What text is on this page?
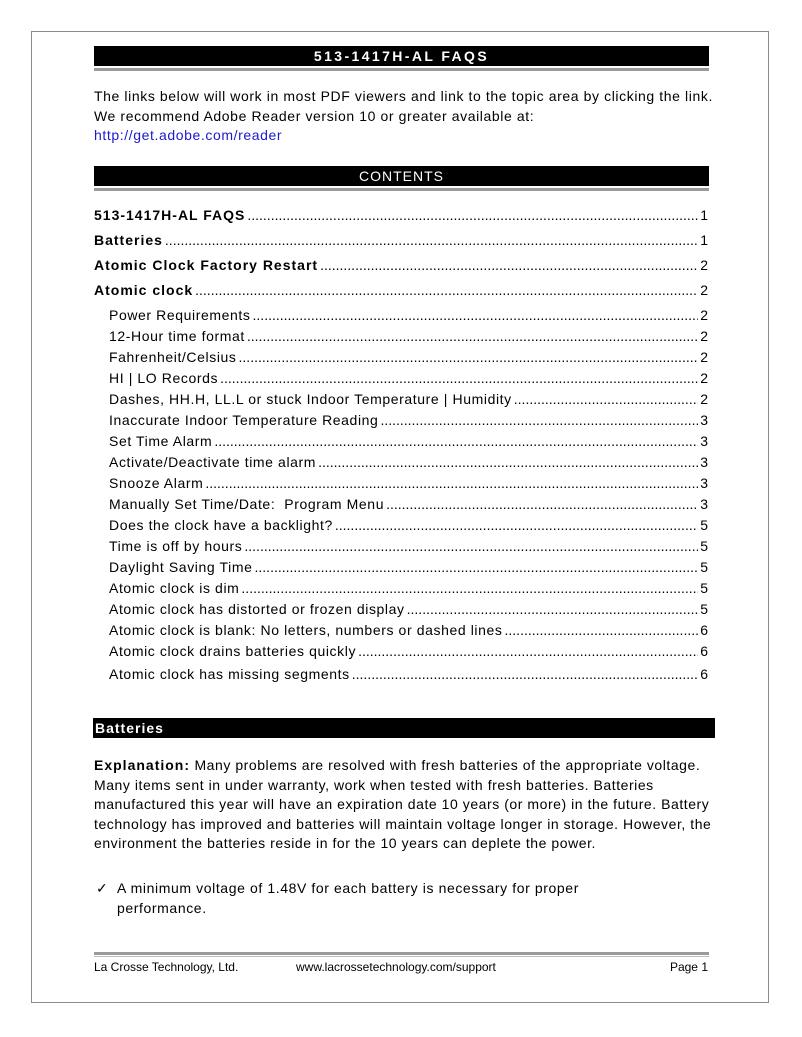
513-1417H-AL FAQS
The links below will work in most PDF viewers and link to the topic area by clicking the link. We recommend Adobe Reader version 10 or greater available at:
http://get.adobe.com/reader
CONTENTS
513-1417H-AL FAQS .....	1
Batteries .....	1
Atomic Clock Factory Restart .....	2
Atomic clock .....	2
Power Requirements .....	2
12-Hour time format .....	2
Fahrenheit/Celsius .....	2
HI | LO Records .....	2
Dashes, HH.H, LL.L or stuck Indoor Temperature | Humidity .....	2
Inaccurate Indoor Temperature Reading .....	3
Set Time Alarm .....	3
Activate/Deactivate time alarm .....	3
Snooze Alarm .....	3
Manually Set Time/Date:  Program Menu .....	3
Does the clock have a backlight? .....	5
Time is off by hours .....	5
Daylight Saving Time .....	5
Atomic clock is dim .....	5
Atomic clock has distorted or frozen display .....	5
Atomic clock is blank: No letters, numbers or dashed lines .....	6
Atomic clock drains batteries quickly .....	6
Atomic clock has missing segments .....	6
Batteries
Explanation: Many problems are resolved with fresh batteries of the appropriate voltage. Many items sent in under warranty, work when tested with fresh batteries. Batteries manufactured this year will have an expiration date 10 years (or more) in the future. Battery technology has improved and batteries will maintain voltage longer in storage. However, the environment the batteries reside in for the 10 years can deplete the power.
✓ A minimum voltage of 1.48V for each battery is necessary for proper performance.
La Crosse Technology, Ltd.	www.lacrossetechnology.com/support	Page 1
